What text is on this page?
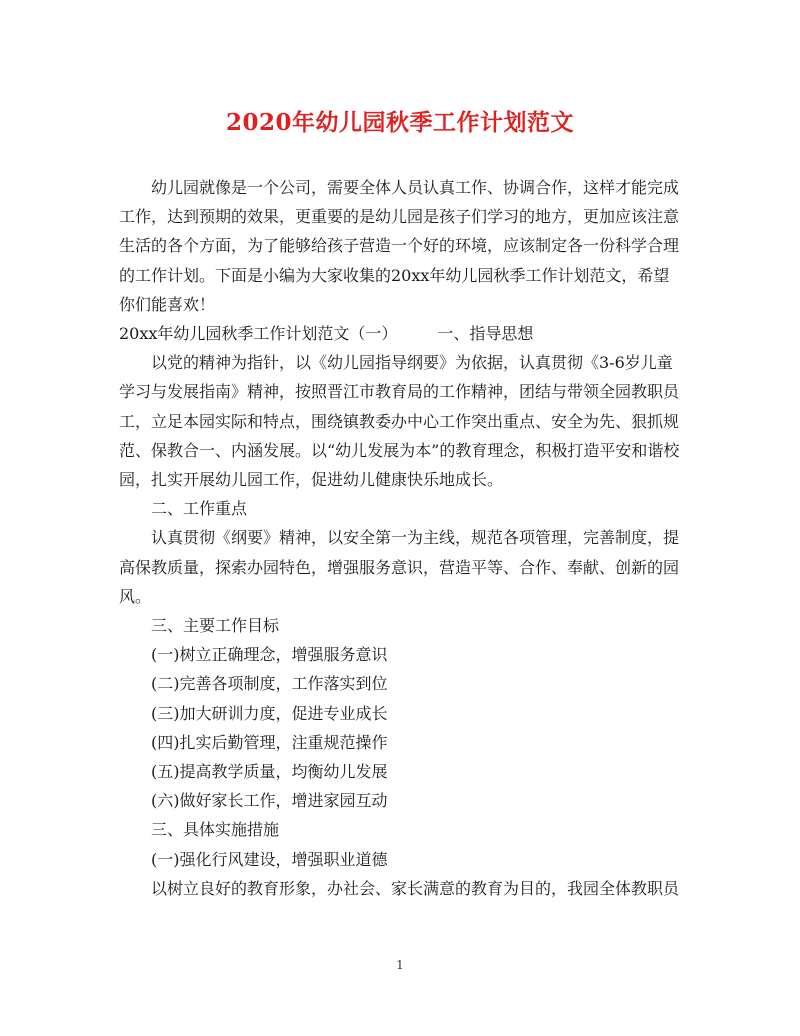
2020年幼儿园秋季工作计划范文

幼儿园就像是一个公司，需要全体人员认真工作、协调合作，这样才能完成工作，达到预期的效果，更重要的是幼儿园是孩子们学习的地方，更加应该注意生活的各个方面，为了能够给孩子营造一个好的环境，应该制定各一份科学合理的工作计划。下面是小编为大家收集的20xx年幼儿园秋季工作计划范文，希望你们能喜欢！

20xx年幼儿园秋季工作计划范文（一）　　　一、指导思想

以党的精神为指针，以《幼儿园指导纲要》为依据，认真贯彻《3-6岁儿童学习与发展指南》精神，按照晋江市教育局的工作精神，团结与带领全园教职员工，立足本园实际和特点，围绕镇教委办中心工作突出重点、安全为先、狠抓规范、保教合一、内涵发展。以“幼儿发展为本”的教育理念，积极打造平安和谐校园，扎实开展幼儿园工作，促进幼儿健康快乐地成长。

二、工作重点

认真贯彻《纲要》精神，以安全第一为主线，规范各项管理，完善制度，提高保教质量，探索办园特色，增强服务意识，营造平等、合作、奉献、创新的园风。

三、主要工作目标

(一)树立正确理念，增强服务意识

(二)完善各项制度，工作落实到位

(三)加大研训力度，促进专业成长

(四)扎实后勤管理，注重规范操作

(五)提高教学质量，均衡幼儿发展

(六)做好家长工作，增进家园互动

三、具体实施措施

(一)强化行风建设，增强职业道德

以树立良好的教育形象，办社会、家长满意的教育为目的，我园全体教职员

1
